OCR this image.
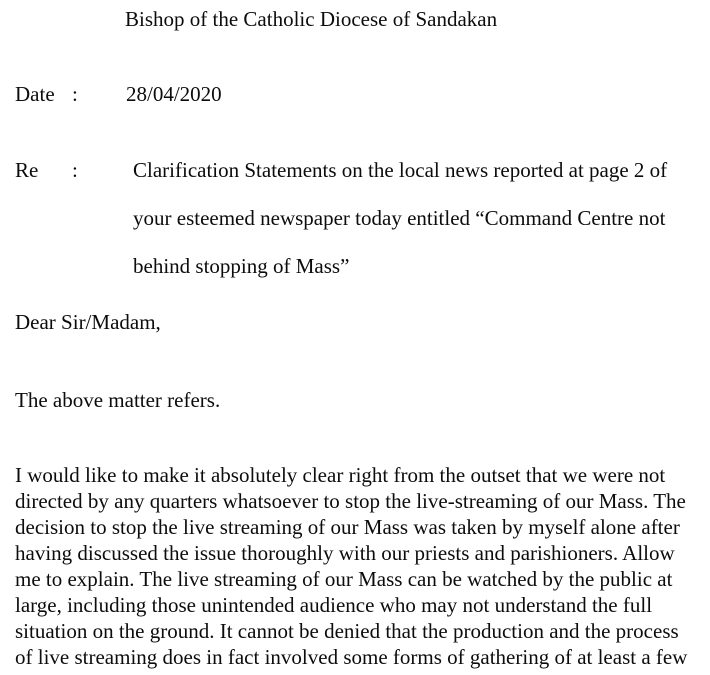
Bishop of the Catholic Diocese of Sandakan
Date : 28/04/2020
Re :	Clarification Statements on the local news reported at page 2 of
your esteemed newspaper today entitled “Command Centre not
behind stopping of Mass”
Dear Sir/Madam,
The above matter refers.
I would like to make it absolutely clear right from the outset that we were not
directed by any quarters whatsoever to stop the live-streaming of our Mass. The
decision to stop the live streaming of our Mass was taken by myself alone after
having discussed the issue thoroughly with our priests and parishioners. Allow
me to explain. The live streaming of our Mass can be watched by the public at
large, including those unintended audience who may not understand the full
situation on the ground. It cannot be denied that the production and the process
of live streaming does in fact involved some forms of gathering of at least a few
